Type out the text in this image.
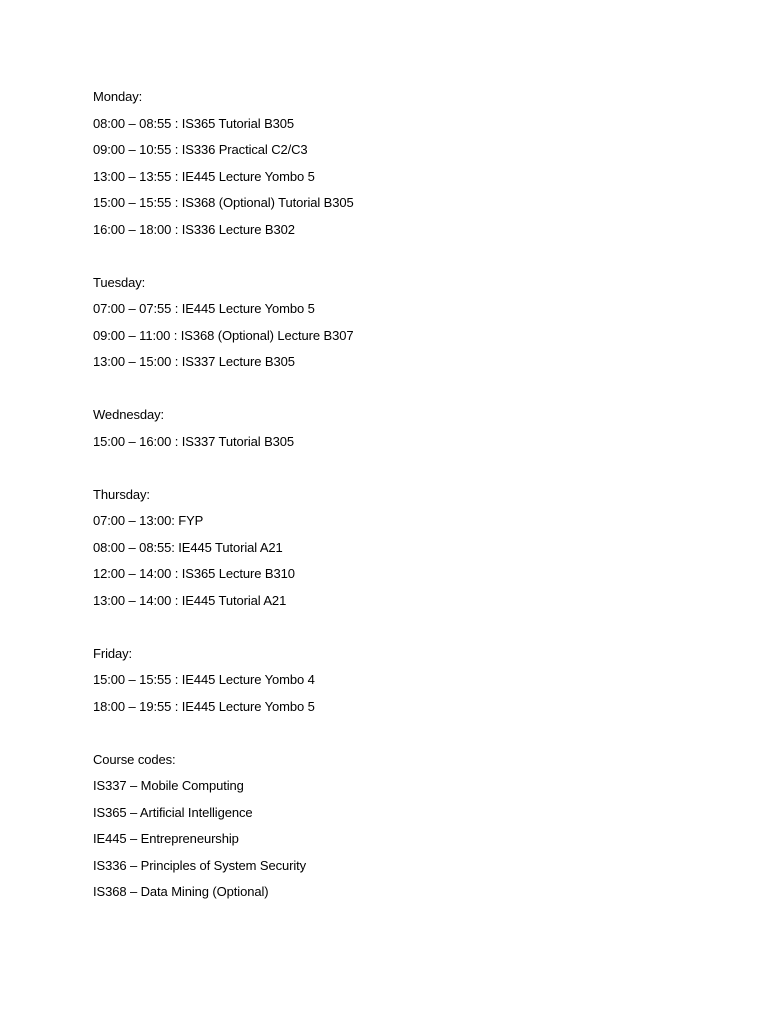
Monday:
08:00 – 08:55 : IS365 Tutorial B305
09:00 – 10:55 : IS336 Practical C2/C3
13:00 – 13:55 : IE445 Lecture Yombo 5
15:00 – 15:55 : IS368 (Optional) Tutorial B305
16:00 – 18:00 : IS336 Lecture B302
Tuesday:
07:00 – 07:55 : IE445 Lecture Yombo 5
09:00 – 11:00 : IS368 (Optional) Lecture B307
13:00 – 15:00 : IS337 Lecture B305
Wednesday:
15:00 – 16:00 : IS337 Tutorial B305
Thursday:
07:00 – 13:00: FYP
08:00 – 08:55: IE445 Tutorial A21
12:00 – 14:00 : IS365 Lecture B310
13:00 – 14:00 : IE445 Tutorial A21
Friday:
15:00 – 15:55 : IE445 Lecture Yombo 4
18:00 – 19:55 : IE445 Lecture Yombo 5
Course codes:
IS337 – Mobile Computing
IS365 – Artificial Intelligence
IE445 – Entrepreneurship
IS336 – Principles of System Security
IS368 – Data Mining (Optional)
